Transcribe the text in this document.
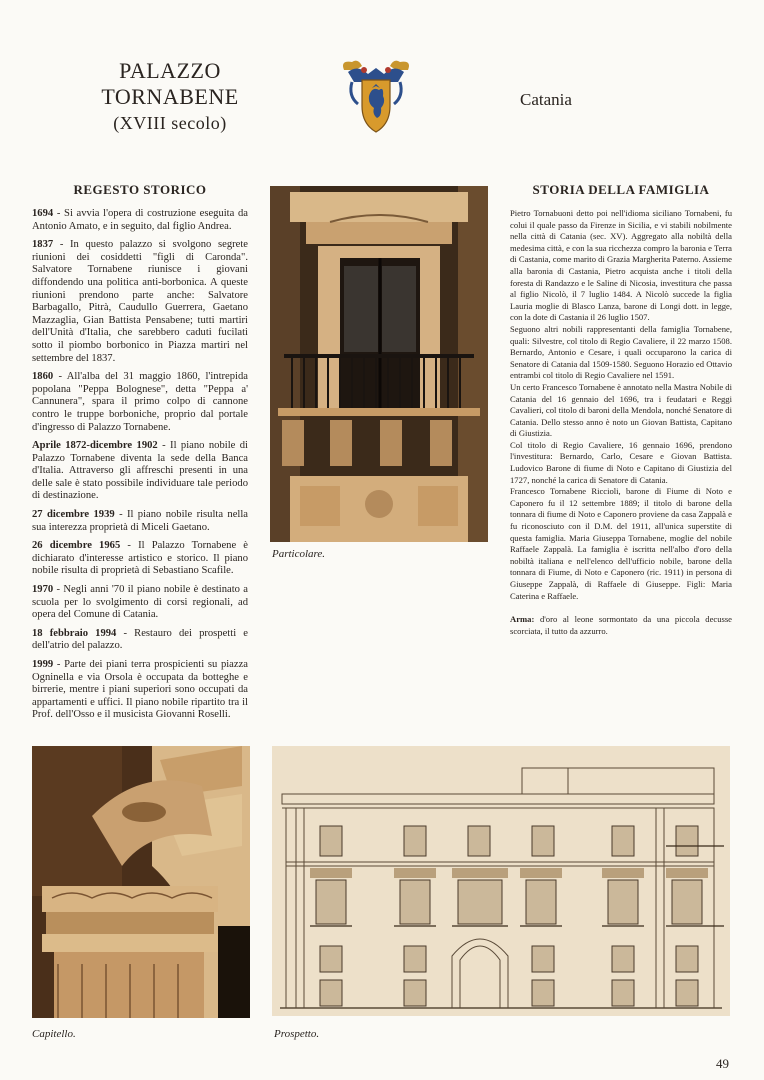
PALAZZO
TORNABENE
(XVIII secolo)
Catania
REGESTO STORICO

1694 - Si avvia l'opera di costruzione eseguita da Antonio Amato, e in seguito, dal figlio Andrea.

1837 - In questo palazzo si svolgono segrete riunioni dei cosiddetti "figli di Caronda". Salvatore Tornabene riunisce i giovani diffondendo una politica anti-borbonica. A queste riunioni prendono parte anche: Salvatore Barbagallo, Pitrà, Caudullo Guerrera, Gaetano Mazzaglia, Gian Battista Pensabene; tutti martiri dell'Unità d'Italia, che sarebbero caduti fucilati sotto il piombo borbonico in Piazza martiri nel settembre del 1837.

1860 - All'alba del 31 maggio 1860, l'intrepida popolana "Peppa Bolognese", detta "Peppa a' Cannunera", spara il primo colpo di cannone contro le truppe borboniche, proprio dal portale d'ingresso di Palazzo Tornabene.

Aprile 1872-dicembre 1902 - Il piano nobile di Palazzo Tornabene diventa la sede della Banca d'Italia. Attraverso gli affreschi presenti in una delle sale è stato possibile individuare tale periodo di destinazione.

27 dicembre 1939 - Il piano nobile risulta nella sua interezza proprietà di Miceli Gaetano.

26 dicembre 1965 - Il Palazzo Tornabene è dichiarato d'interesse artistico e storico. Il piano nobile risulta di proprietà di Sebastiano Scafile.

1970 - Negli anni '70 il piano nobile è destinato a scuola per lo svolgimento di corsi regionali, ad opera del Comune di Catania.

18 febbraio 1994 - Restauro dei prospetti e dell'atrio del palazzo.

1999 - Parte dei piani terra prospicienti su piazza Ogninella e via Orsola è occupata da botteghe e birrerie, mentre i piani superiori sono occupati da appartamenti e uffici. Il piano nobile ripartito tra il Prof. dell'Osso e il musicista Giovanni Roselli.

Particolare.
STORIA DELLA FAMIGLIA

Pietro Tornabuoni detto poi nell'idioma siciliano Tornabeni, fu colui il quale passo da Firenze in Sicilia, e vi stabili nobilmente nella città di Catania (sec. XV). Aggregato alla nobiltà della medesima città, e con la sua ricchezza compro la baronia e Terra di Castania, come marito di Grazia Margherita Paterno. Assieme alla baronia di Castania, Pietro acquista anche i titoli della foresta di Randazzo e le Saline di Nicosia, investitura che passa al figlio Nicolò, il 7 luglio 1484. A Nicolò succede la figlia Lauria moglie di Blasco Lanza, barone di Longi dott. in legge, con la dote di Castania il 26 luglio 1507.

Seguono altri nobili rappresentanti della famiglia Tornabene, quali: Silvestre, col titolo di Regio Cavaliere, il 22 marzo 1508. Bernardo, Antonio e Cesare, i quali occuparono la carica di Senatore di Catania dal 1509-1580. Seguono Horazio ed Ottavio entrambi col titolo di Regio Cavaliere nel 1591.

Un certo Francesco Tornabene è annotato nella Mastra Nobile di Catania del 16 gennaio del 1696, tra i feudatari e Reggi Cavalieri, col titolo di baroni della Mendola, nonché Senatore di Catania. Dello stesso anno è noto un Giovan Battista, Capitano di Giustizia.

Col titolo di Regio Cavaliere, 16 gennaio 1696, prendono l'investitura: Bernardo, Carlo, Cesare e Giovan Battista. Ludovico Barone di fiume di Noto e Capitano di Giustizia del 1727, nonché la carica di Senatore di Catania.

Francesco Tornabene Riccioli, barone di Fiume di Noto e Caponero fu il 12 settembre 1889; il titolo di barone della tonnara di fiume di Noto e Caponero proviene da casa Zappalà e fu riconosciuto con il D.M. del 1911, all'unica superstite di questa famiglia. Maria Giuseppa Tornabene, moglie del nobile Raffaele Zappalà. La famiglia è iscritta nell'albo d'oro della nobiltà italiana e nell'elenco dell'ufficio nobile, barone della tonnara di Fiume, di Noto e Caponero (ric. 1911) in persona di Giuseppe Zappalà, di Raffaele di Giuseppe. Figli: Maria Caterina e Raffaele.

Arma: d'oro al leone sormontato da una piccola decusse scorciata, il tutto da azzurro.

Capitello.	Prospetto.
49
